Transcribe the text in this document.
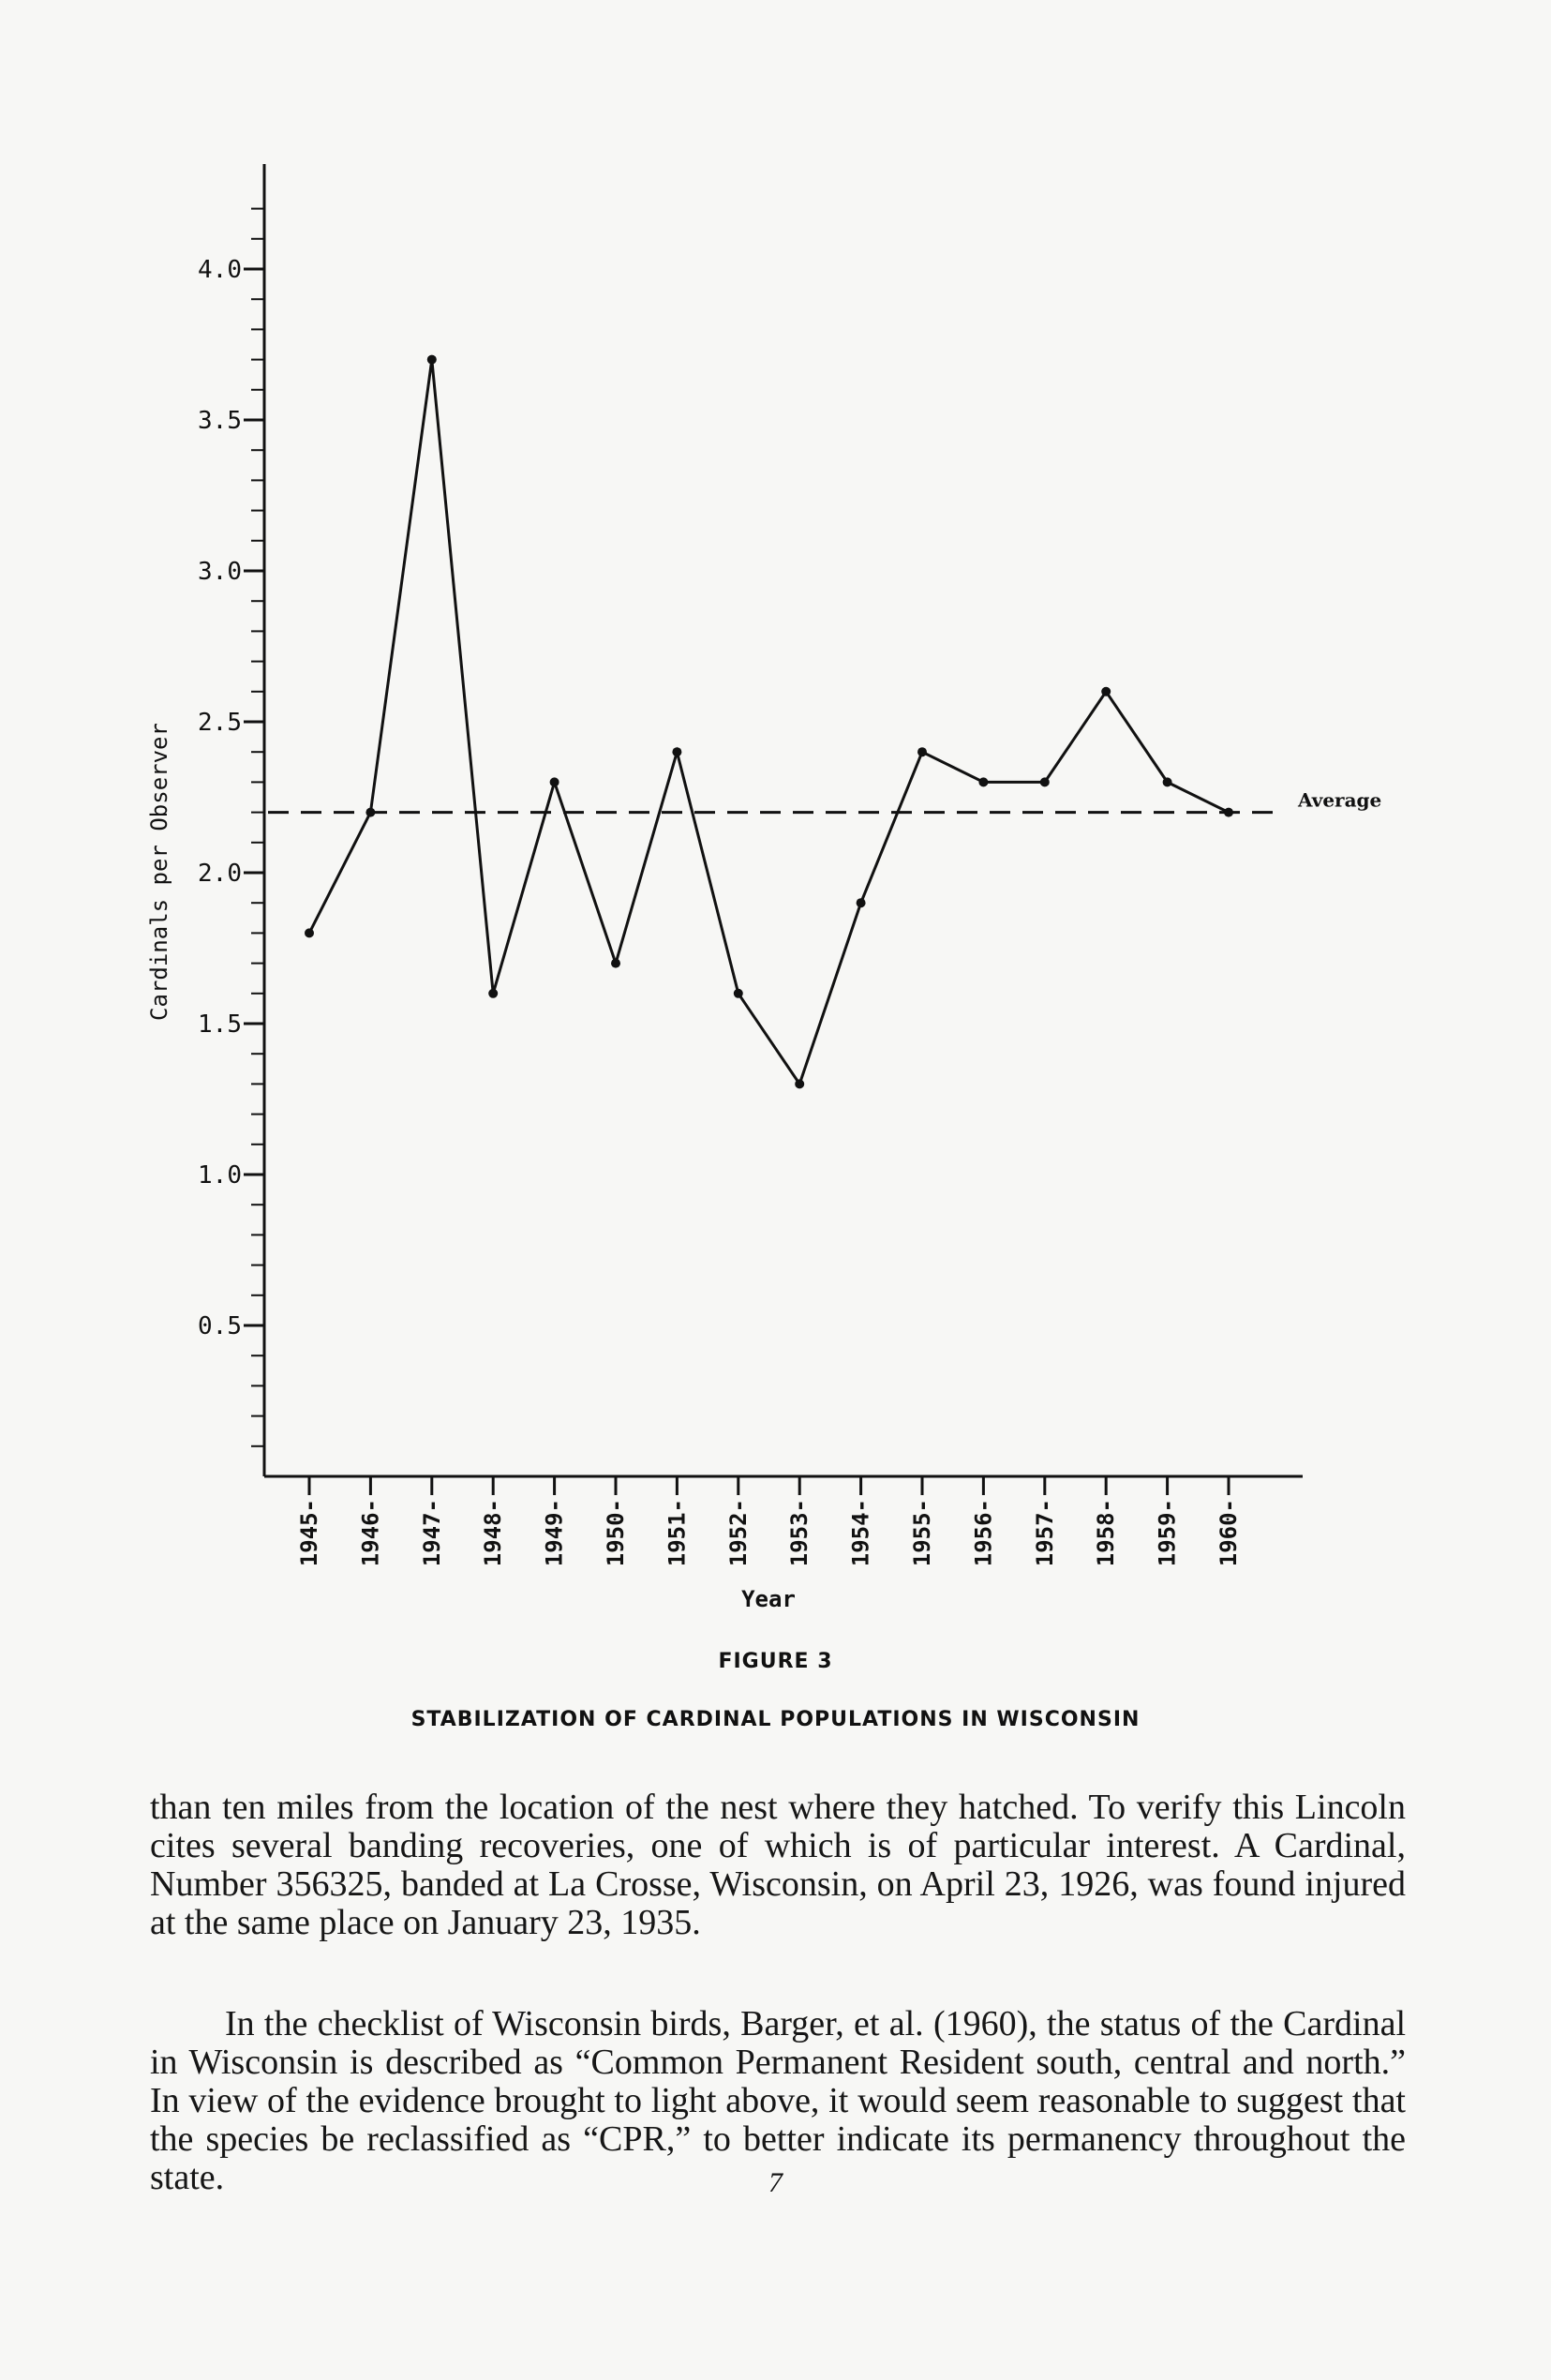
4.0
3.5
3.0
2.5
2.0
1.5
1.0
0.5
1945- 1946- 1947- 1948- 1949- 1950- 1951- 1952- 1953- 1954- 1955- 1956- 1957- 1958- 1959- 1960-
Average
Cardinals per Observer
Year
FIGURE 3
STABILIZATION OF CARDINAL POPULATIONS IN WISCONSIN
than ten miles from the location of the nest where they hatched. To verify this Lincoln cites several banding recoveries, one of which is of particular interest. A Cardinal, Number 356325, banded at La Crosse, Wisconsin, on April 23, 1926, was found injured at the same place on January 23, 1935.
In the checklist of Wisconsin birds, Barger, et al. (1960), the status of the Cardinal in Wisconsin is described as “Common Permanent Resident south, central and north.” In view of the evidence brought to light above, it would seem reasonable to suggest that the species be reclassified as “CPR,” to better indicate its permanency throughout the state.	7
